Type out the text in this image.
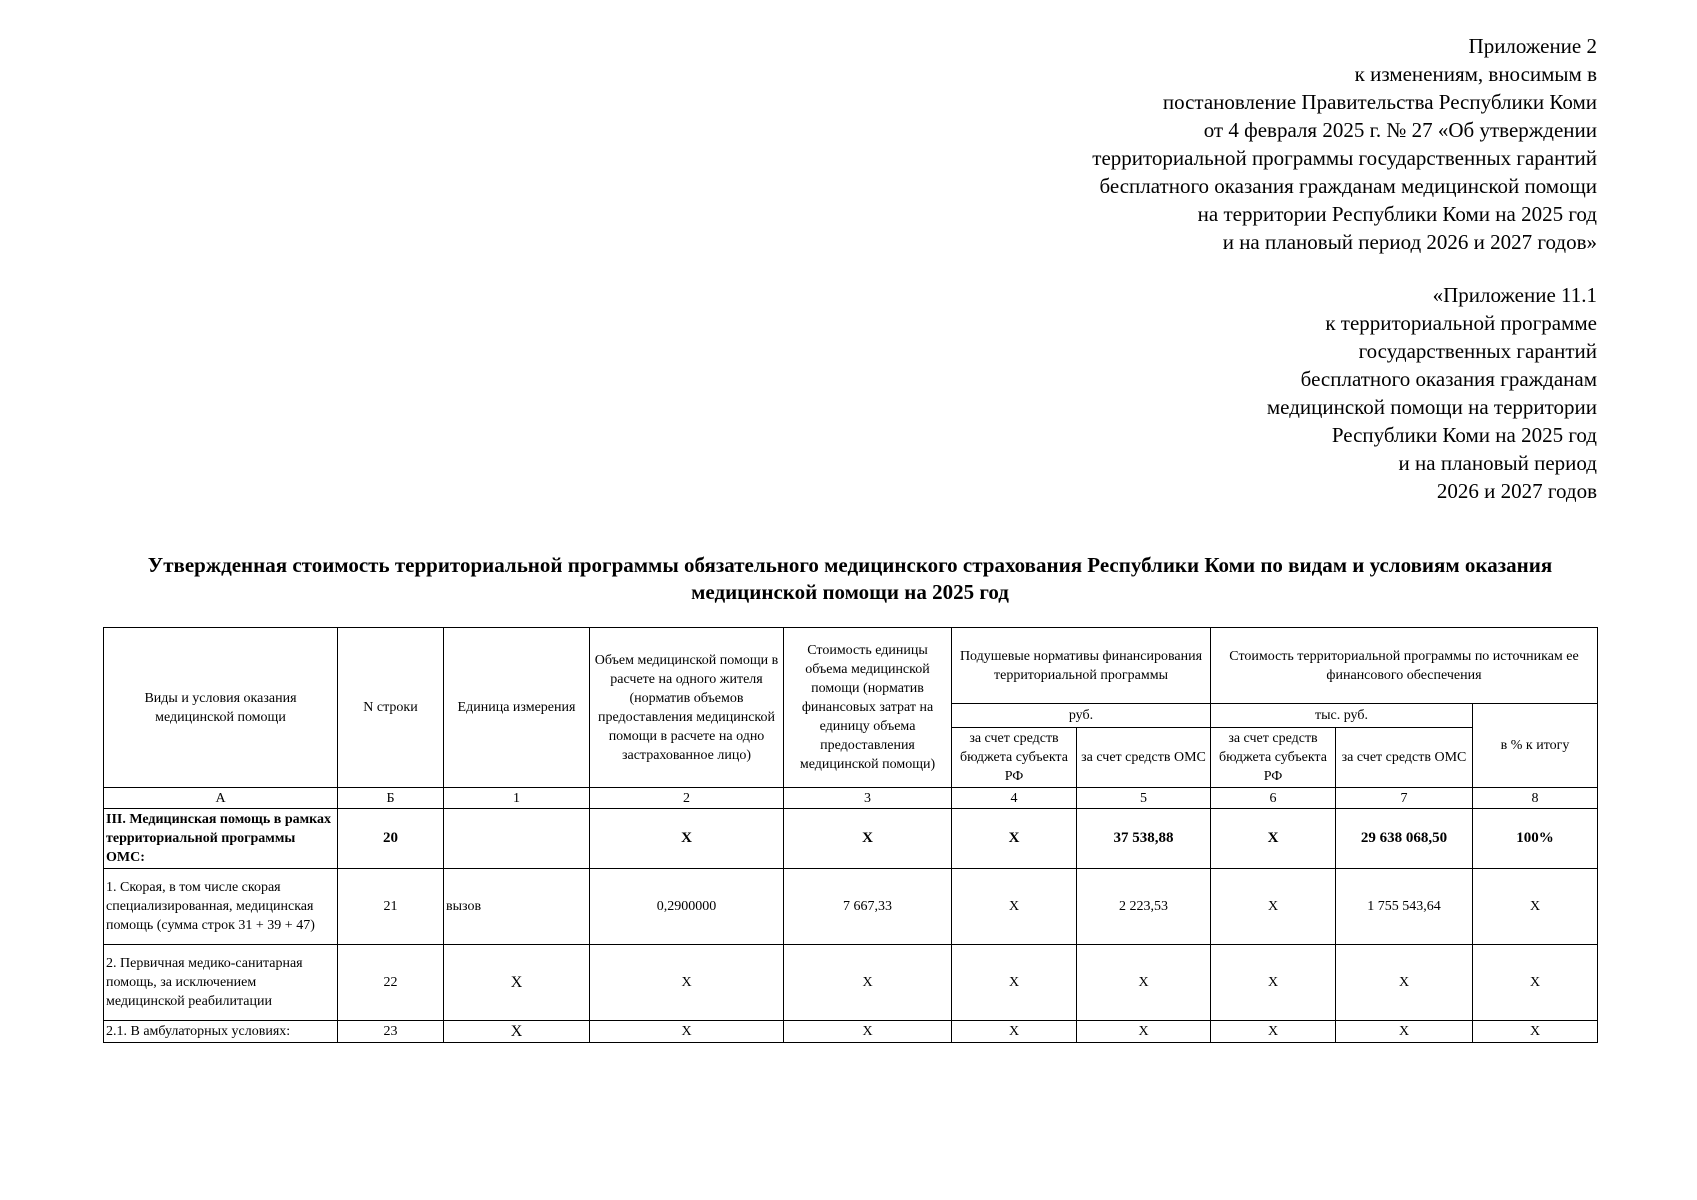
Приложение 2
к изменениям, вносимым в
постановление Правительства Республики Коми
от 4 февраля 2025 г. № 27 «Об утверждении
территориальной программы государственных гарантий
бесплатного оказания гражданам медицинской помощи
на территории Республики Коми на 2025 год
и на плановый период 2026 и 2027 годов»
«Приложение 11.1
к территориальной программе
государственных гарантий
бесплатного оказания гражданам
медицинской помощи на территории
Республики Коми на 2025 год
и на плановый период
2026 и 2027 годов
Утвержденная стоимость территориальной программы обязательного медицинского страхования Республики Коми по видам и условиям оказания
медицинской помощи на 2025 год
Виды и условия оказания медицинской помощи	N строки	Единица измерения	Объем медицинской помощи в расчете на одного жителя (норматив объемов предоставления медицинской помощи в расчете на одно застрахованное лицо)	Стоимость единицы объема медицинской помощи (норматив финансовых затрат на единицу объема предоставления медицинской помощи)	Подушевые нормативы финансирования территориальной программы		Стоимость территориальной программы по источникам ее финансового обеспечения		
					руб.		тыс. руб.		в % к итогу
					за счет средств бюджета субъекта РФ	за счет средств ОМС	за счет средств бюджета субъекта РФ	за счет средств ОМС	
А	Б	1	2	3	4	5	6	7	8
III. Медицинская помощь в рамках территориальной программы ОМС:	20		X	X	X	37 538,88	X	29 638 068,50	100%
1. Скорая, в том числе скорая специализированная, медицинская помощь (сумма строк 31 + 39 + 47)	21	вызов	0,2900000	7 667,33	X	2 223,53	X	1 755 543,64	X
2. Первичная медико-санитарная помощь, за исключением медицинской реабилитации	22	X	X	X	X	X	X	X	X
2.1. В амбулаторных условиях:	23	X	X	X	X	X	X	X	X
